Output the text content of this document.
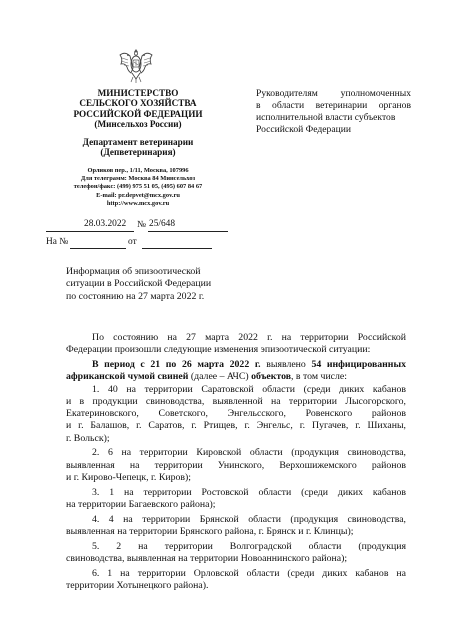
МИНИСТЕРСТВО
СЕЛЬСКОГО ХОЗЯЙСТВА
РОССИЙСКОЙ ФЕДЕРАЦИИ
(Минсельхоз России)
Департамент ветеринарии
(Депветеринария)
Орликов пер., 1/11, Москва, 107996
Для телеграмм: Москва 84 Минсельхоз
телефон/факс: (499) 975 51 05, (495) 607 84 67
E-mail: pr.depvet@mcx.gov.ru
http://www.mcx.gov.ru
28.03.2022 № 25/648
На №	от
Руководителям уполномоченных
в области ветеринарии органов
исполнительной власти субъектов
Российской Федерации
Информация об эпизоотической
ситуации в Российской Федерации
по состоянию на 27 марта 2022 г.
По состоянию на 27 марта 2022 г. на территории Российской
Федерации произошли следующие изменения эпизоотической ситуации:
В период с 21 по 26 марта 2022 г. выявлено 54 инфицированных
африканской чумой свиней (далее – АЧС) объектов, в том числе:
1. 40 на территории Саратовской области (среди диких кабанов
и в продукции свиноводства, выявленной на территории Лысогорского,
Екатериновского, Советского, Энгельсского, Ровенского районов
и г. Балашов, г. Саратов, г. Ртищев, г. Энгельс, г. Пугачев, г. Шиханы,
г. Вольск);
2. 6 на территории Кировской области (продукция свиноводства,
выявленная на территории Унинского, Верхошижемского районов
и г. Кирово-Чепецк, г. Киров);
3. 1 на территории Ростовской области (среди диких кабанов
на территории Багаевского района);
4. 4 на территории Брянской области (продукция свиноводства,
выявленная на территории Брянского района, г. Брянск и г. Клинцы);
5. 2 на территории Волгоградской области (продукция
свиноводства, выявленная на территории Новоаннинского района);
6. 1 на территории Орловской области (среди диких кабанов на
территории Хотынецкого района).
